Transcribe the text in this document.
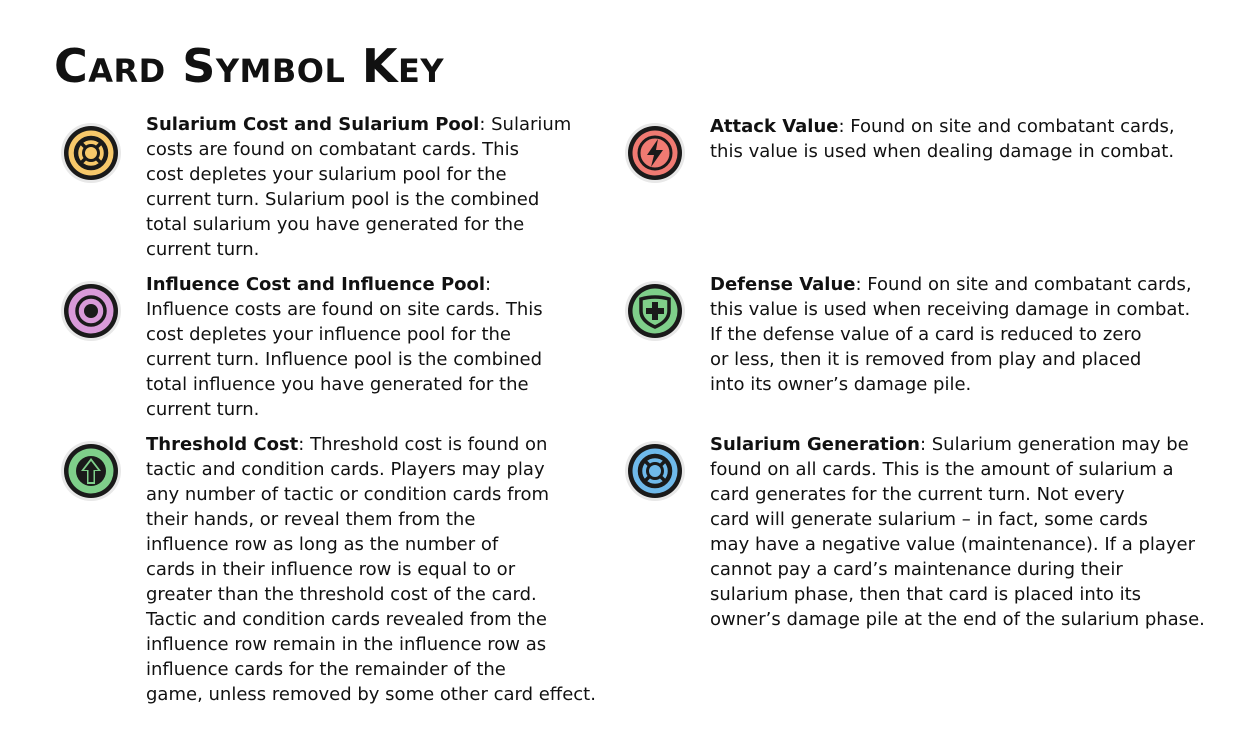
Card Symbol Key
Sularium Cost and Sularium Pool: Sularium
costs are found on combatant cards. This
cost depletes your sularium pool for the
current turn. Sularium pool is the combined
total sularium you have generated for the
current turn.
Influence Cost and Influence Pool:
Influence costs are found on site cards. This
cost depletes your influence pool for the
current turn. Influence pool is the combined
total influence you have generated for the
current turn.
Threshold Cost: Threshold cost is found on
tactic and condition cards. Players may play
any number of tactic or condition cards from
their hands, or reveal them from the
influence row as long as the number of
cards in their influence row is equal to or
greater than the threshold cost of the card.
Tactic and condition cards revealed from the
influence row remain in the influence row as
influence cards for the remainder of the
game, unless removed by some other card effect.
Attack Value: Found on site and combatant cards,
this value is used when dealing damage in combat.
Defense Value: Found on site and combatant cards,
this value is used when receiving damage in combat.
If the defense value of a card is reduced to zero
or less, then it is removed from play and placed
into its owner’s damage pile.
Sularium Generation: Sularium generation may be
found on all cards. This is the amount of sularium a
card generates for the current turn. Not every
card will generate sularium – in fact, some cards
may have a negative value (maintenance). If a player
cannot pay a card’s maintenance during their
sularium phase, then that card is placed into its
owner’s damage pile at the end of the sularium phase.
